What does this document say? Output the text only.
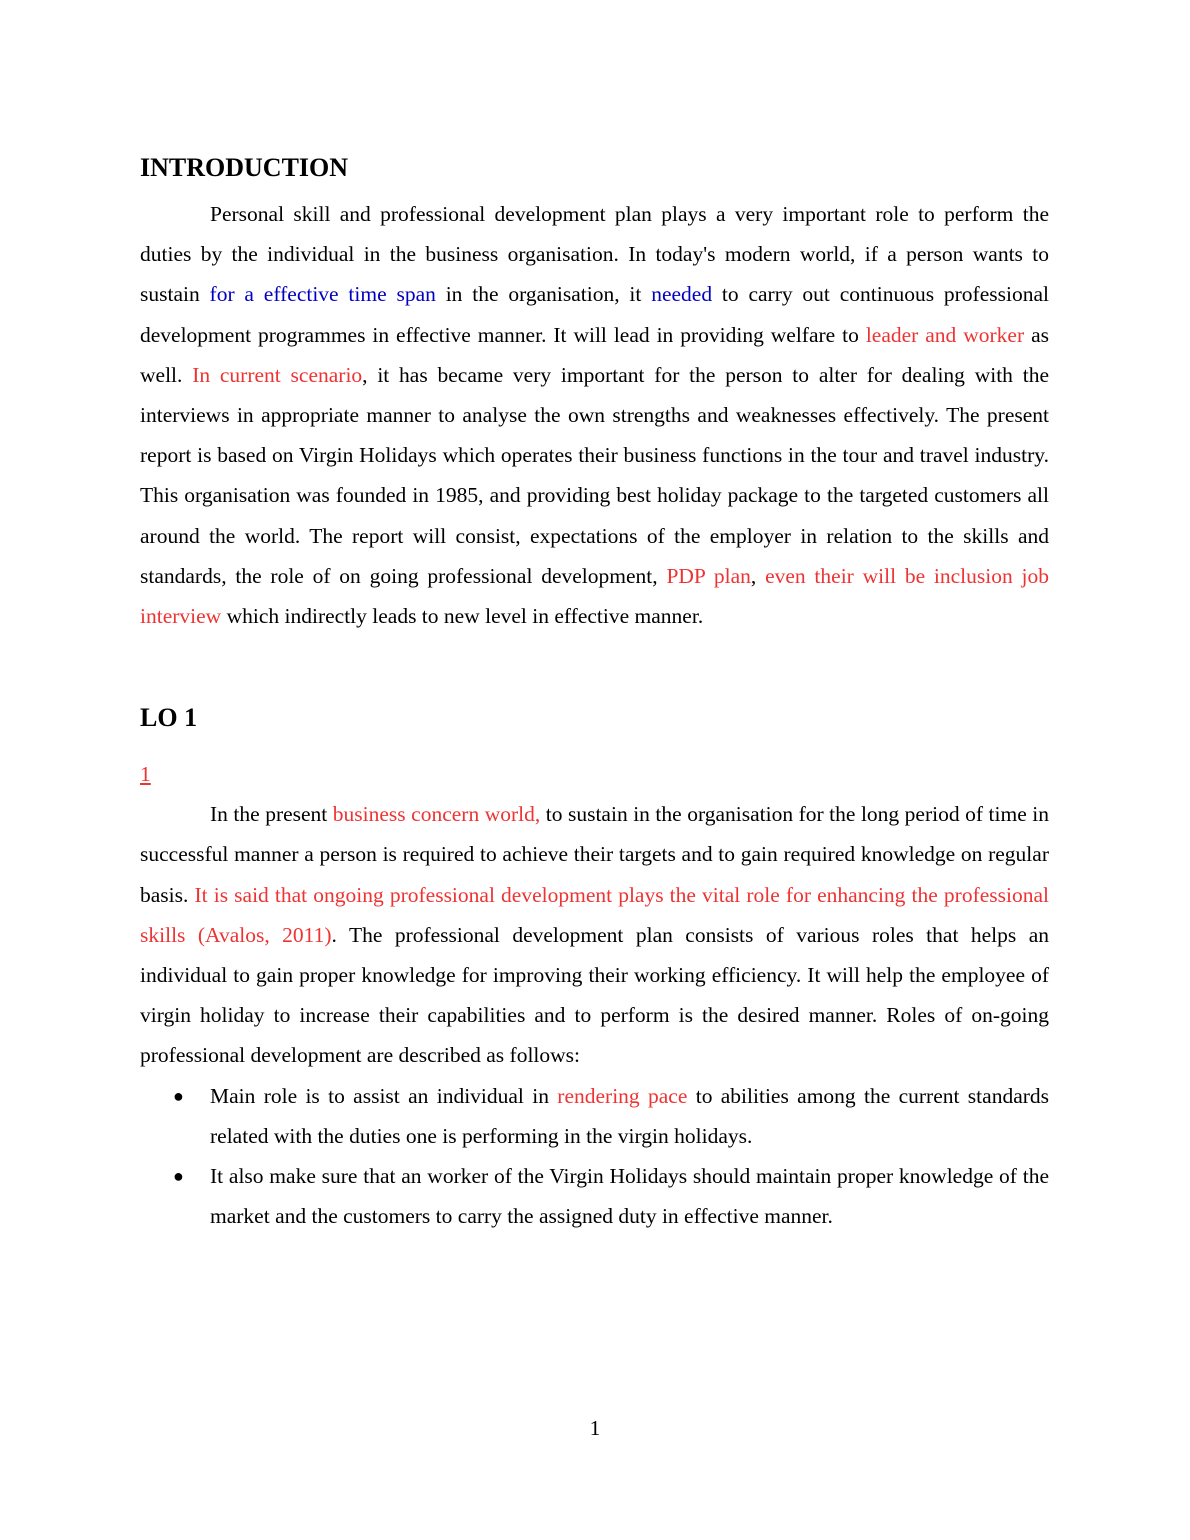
INTRODUCTION

Personal skill and professional development plan plays a very important role to perform the duties by the individual in the business organisation. In today's modern world, if a person wants to sustain for a effective time span in the organisation, it needed to carry out continuous professional development programmes in effective manner. It will lead in providing welfare to leader and worker as well. In current scenario, it has became very important for the person to alter for dealing with the interviews in appropriate manner to analyse the own strengths and weaknesses effectively. The present report is based on Virgin Holidays which operates their business functions in the tour and travel industry. This organisation was founded in 1985, and providing best holiday package to the targeted customers all around the world. The report will consist, expectations of the employer in relation to the skills and standards, the role of on going professional development, PDP plan, even their will be inclusion job interview which indirectly leads to new level in effective manner.

LO 1

1

In the present business concern world, to sustain in the organisation for the long period of time in successful manner a person is required to achieve their targets and to gain required knowledge on regular basis. It is said that ongoing professional development plays the vital role for enhancing the professional skills (Avalos, 2011). The professional development plan consists of various roles that helps an individual to gain proper knowledge for improving their working efficiency. It will help the employee of virgin holiday to increase their capabilities and to perform is the desired manner. Roles of on-going professional development are described as follows:

● Main role is to assist an individual in rendering pace to abilities among the current standards related with the duties one is performing in the virgin holidays.
● It also make sure that an worker of the Virgin Holidays should maintain proper knowledge of the market and the customers to carry the assigned duty in effective manner.
1
